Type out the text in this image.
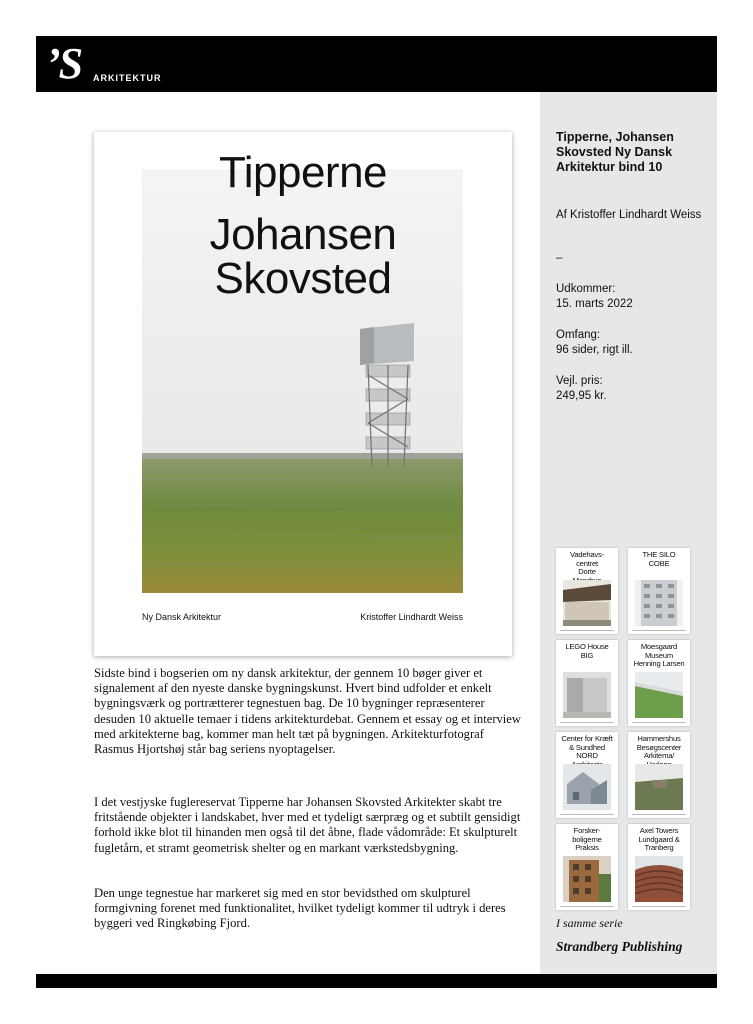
’S ARKITEKTUR
Tipperne, Johansen Skovsted Ny Dansk Arkitektur bind 10
Af Kristoffer Lindhardt Weiss
–
Udkommer:
15. marts 2022
Omfang:
96 sider, rigt ill.
Vejl. pris:
249,95 kr.
Vadehavs-
centret
Dorte

THE SILO
COBE
LEGO House
BIG
Moesgaard
Museum
Henning Larsen
Center for Kræft
& Sundhed
NORD

Hammershus
Besøgscenter
Arkitema/

Forsker-
boligerne
Praksis
Axel Towers
Lundgaard &
Tranberg
I samme serie
Strandberg Publishing
Tipperne
Johansen
Skovsted
Ny Dansk Arkitektur	Kristoffer Lindhardt Weiss
Sidste bind i bogserien om ny dansk arkitektur, der gennem 10 bøger giver et signalement af den nyeste danske bygningskunst. Hvert bind udfolder et enkelt bygningsværk og portrætterer tegnestuen bag. De 10 bygninger repræsenterer desuden 10 aktuelle temaer i tidens arkitekturdebat. Gennem et essay og et interview med arkitekterne bag, kommer man helt tæt på bygningen. Arkitekturfotograf Rasmus Hjortshøj står bag seriens nyoptagelser.
I det vestjyske fuglereservat Tipperne har Johansen Skovsted Arkitekter skabt tre fritstående objekter i landskabet, hver med et tydeligt særpræg og et subtilt gensidigt forhold ikke blot til hinanden men også til det åbne, flade vådområde: Et skulpturelt fugletårn, et stramt geometrisk shelter og en markant værkstedsbygning.
Den unge tegnestue har markeret sig med en stor bevidsthed om skulpturel formgivning forenet med funktionalitet, hvilket tydeligt kommer til udtryk i deres byggeri ved Ringkøbing Fjord.
